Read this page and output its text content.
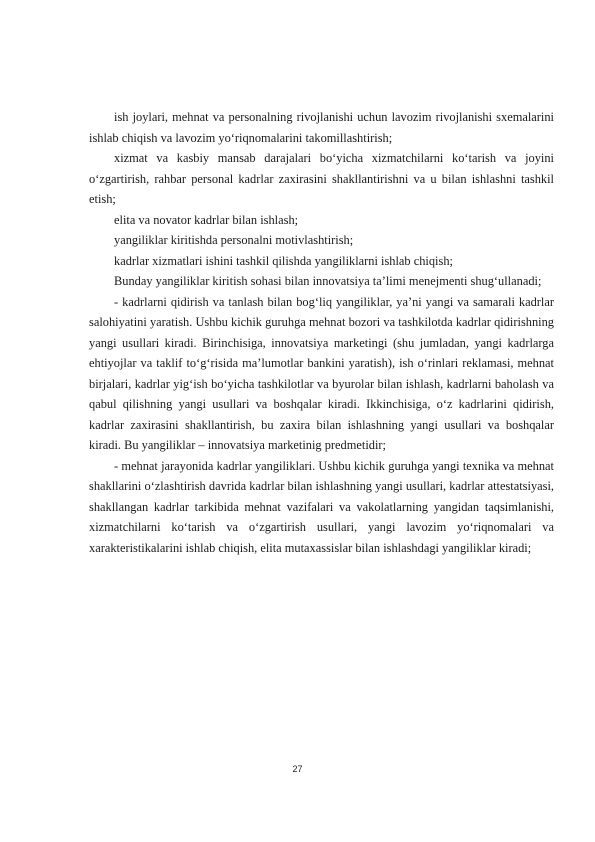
ish joylari, mehnat va personalning rivojlanishi uchun lavozim rivojlanishi sxemalarini ishlab chiqish va lavozim yo‘riqnomalarini takomillashtirish;

xizmat va kasbiy mansab darajalari bo‘yicha xizmatchilarni ko‘tarish va joyini o‘zgartirish, rahbar personal kadrlar zaxirasini shakllantirishni va u bilan ishlashni tashkil etish;

elita va novator kadrlar bilan ishlash;

yangiliklar kiritishda personalni motivlashtirish;

kadrlar xizmatlari ishini tashkil qilishda yangiliklarni ishlab chiqish;

Bunday yangiliklar kiritish sohasi bilan innovatsiya ta’limi menejmenti shug‘ullanadi;

- kadrlarni qidirish va tanlash bilan bog‘liq yangiliklar, ya’ni yangi va samarali kadrlar salohiyatini yaratish. Ushbu kichik guruhga mehnat bozori va tashkilotda kadrlar qidirishning yangi usullari kiradi. Birinchisiga, innovatsiya marketingi (shu jumladan, yangi kadrlarga ehtiyojlar va taklif to‘g‘risida ma’lumotlar bankini yaratish), ish o‘rinlari reklamasi, mehnat birjalari, kadrlar yig‘ish bo‘yicha tashkilotlar va byurolar bilan ishlash, kadrlarni baholash va qabul qilishning yangi usullari va boshqalar kiradi. Ikkinchisiga, o‘z kadrlarini qidirish, kadrlar zaxirasini shakllantirish, bu zaxira bilan ishlashning yangi usullari va boshqalar kiradi. Bu yangiliklar – innovatsiya marketinig predmetidir;

- mehnat jarayonida kadrlar yangiliklari. Ushbu kichik guruhga yangi texnika va mehnat shakllarini o‘zlashtirish davrida kadrlar bilan ishlashning yangi usullari, kadrlar attestatsiyasi, shakllangan kadrlar tarkibida mehnat vazifalari va vakolatlarning yangidan taqsimlanishi, xizmatchilarni ko‘tarish va o‘zgartirish usullari, yangi lavozim yo‘riqnomalari va xarakteristikalarini ishlab chiqish, elita mutaxassislar bilan ishlashdagi yangiliklar kiradi;

27
